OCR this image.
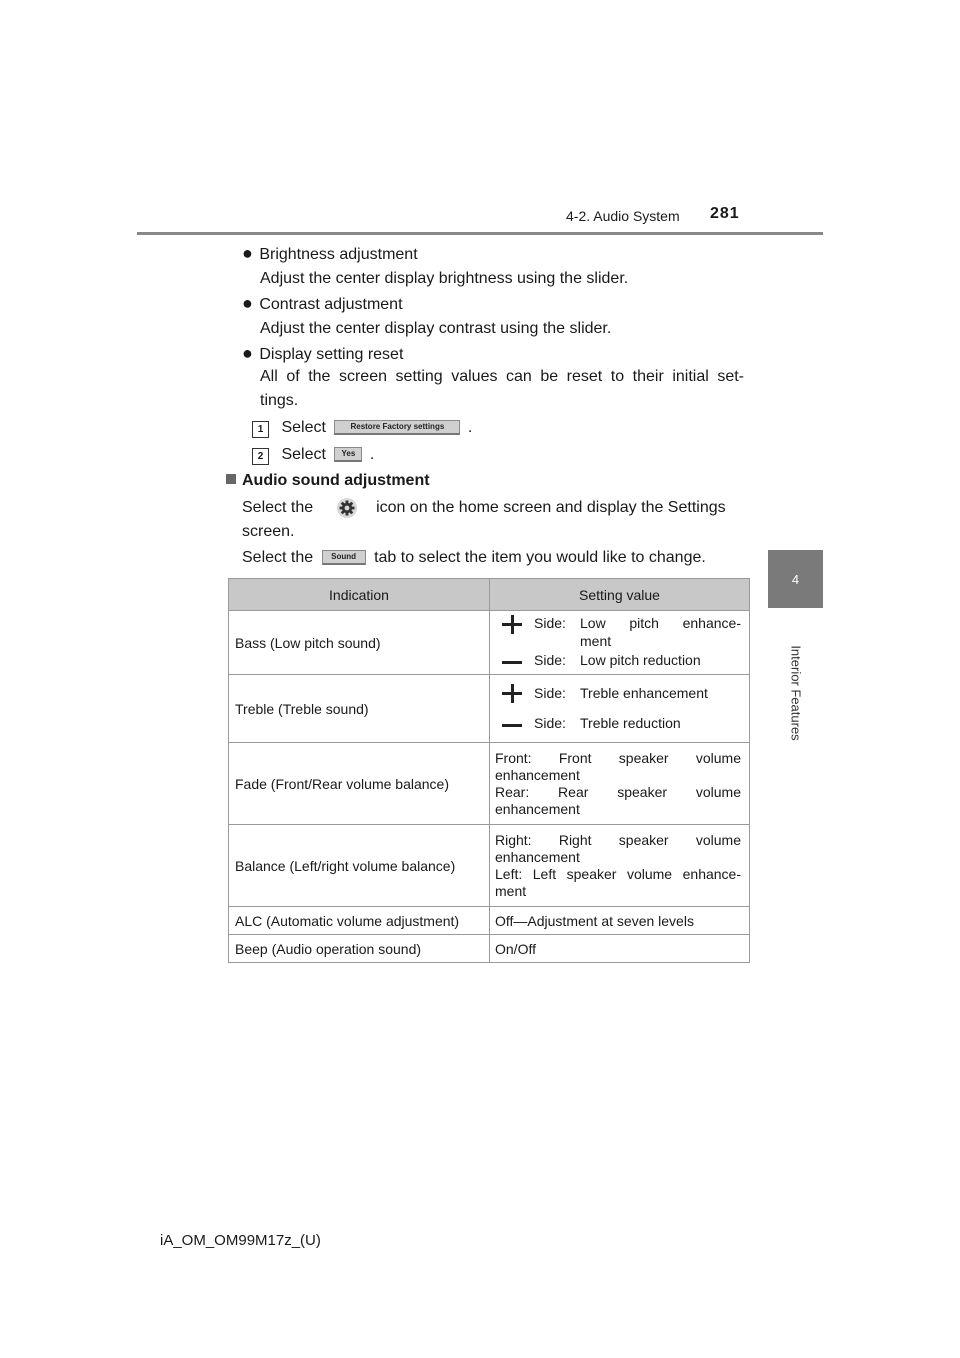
4-2. Audio System 281
4
Interior Features
● Brightness adjustment
Adjust the center display brightness using the slider.
● Contrast adjustment
Adjust the center display contrast using the slider.
● Display setting reset
All of the screen setting values can be reset to their initial set-
tings.
1 Select	Restore Factory settings .
2 Select Yes .
Audio sound adjustment
Select the	icon on the home screen and display the Settings
screen.
Select the Sound tab to select the item you would like to change.
Indication	Setting value
Bass (Low pitch sound)	Side: Low pitch enhance-
ment
Side: Low pitch reduction

Treble (Treble sound)	Side: Treble enhancement
Side: Treble reduction

Fade (Front/Rear volume balance)	Front: Front speaker volume
enhancement
Rear: Rear speaker volume
enhancement

Balance (Left/right volume balance)	Right: Right speaker volume
enhancement
Left: Left speaker volume enhance-
ment

ALC (Automatic volume adjustment)	Off—Adjustment at seven levels
Beep (Audio operation sound)	On/Off
iA_OM_OM99M17z_(U)
